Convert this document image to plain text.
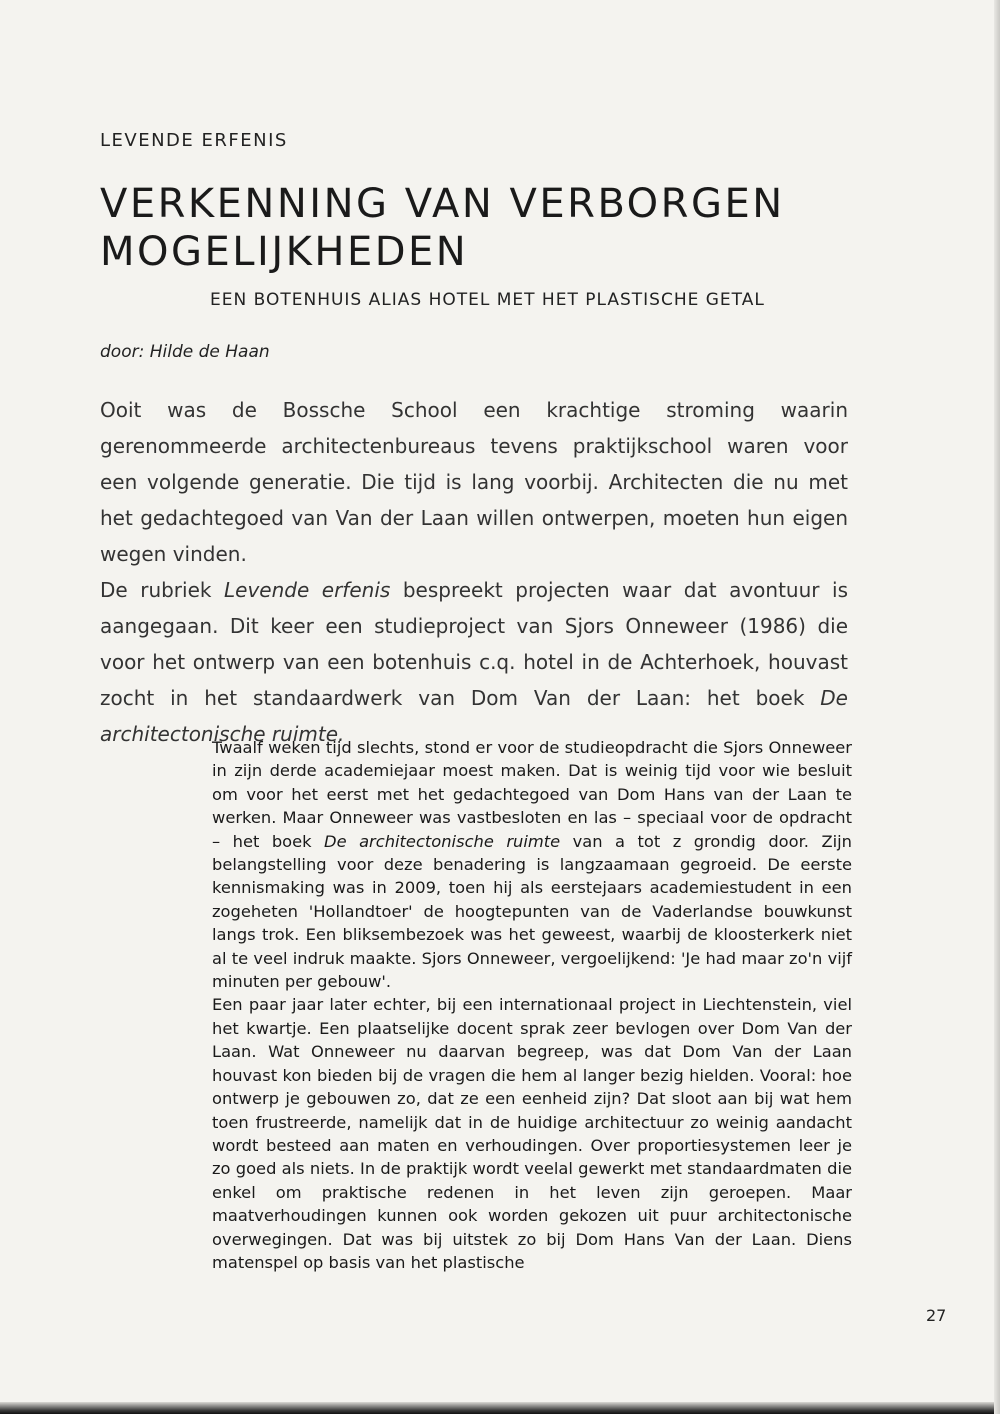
LEVENDE ERFENIS
VERKENNING VAN VERBORGEN
MOGELIJKHEDEN
EEN BOTENHUIS ALIAS HOTEL MET HET PLASTISCHE GETAL
door: Hilde de Haan

Ooit was de Bossche School een krachtige stroming waarin gerenommeerde architectenbureaus tevens praktijkschool waren voor een volgende generatie. Die tijd is lang voorbij. Architecten die nu met het gedachtegoed van Van der Laan willen ontwerpen, moeten hun eigen wegen vinden.

De rubriek Levende erfenis bespreekt projecten waar dat avontuur is aangegaan. Dit keer een studieproject van Sjors Onneweer (1986) die voor het ontwerp van een botenhuis c.q. hotel in de Achterhoek, houvast zocht in het standaardwerk van Dom Van der Laan: het boek De architectonische ruimte.

Twaalf weken tijd slechts, stond er voor de studieopdracht die Sjors Onneweer in zijn derde academiejaar moest maken. Dat is weinig tijd voor wie besluit om voor het eerst met het gedachtegoed van Dom Hans van der Laan te werken. Maar Onneweer was vastbesloten en las – speciaal voor de opdracht – het boek De architectonische ruimte van a tot z grondig door. Zijn belangstelling voor deze benadering is langzaamaan gegroeid. De eerste kennismaking was in 2009, toen hij als eerstejaars academiestudent in een zogeheten 'Hollandtoer' de hoogtepunten van de Vaderlandse bouwkunst langs trok. Een bliksembezoek was het geweest, waarbij de kloosterkerk niet al te veel indruk maakte. Sjors Onneweer, vergoelijkend: 'Je had maar zo'n vijf minuten per gebouw'.

Een paar jaar later echter, bij een internationaal project in Liechtenstein, viel het kwartje. Een plaatselijke docent sprak zeer bevlogen over Dom Van der Laan. Wat Onneweer nu daarvan begreep, was dat Dom Van der Laan houvast kon bieden bij de vragen die hem al langer bezig hielden. Vooral: hoe ontwerp je gebouwen zo, dat ze een eenheid zijn? Dat sloot aan bij wat hem toen frustreerde, namelijk dat in de huidige architectuur zo weinig aandacht wordt besteed aan maten en verhoudingen. Over proportiesystemen leer je zo goed als niets. In de praktijk wordt veelal gewerkt met standaardmaten die enkel om praktische redenen in het leven zijn geroepen. Maar maatverhoudingen kunnen ook worden gekozen uit puur architectonische overwegingen. Dat was bij uitstek zo bij Dom Hans Van der Laan. Diens matenspel op basis van het plastische

27
